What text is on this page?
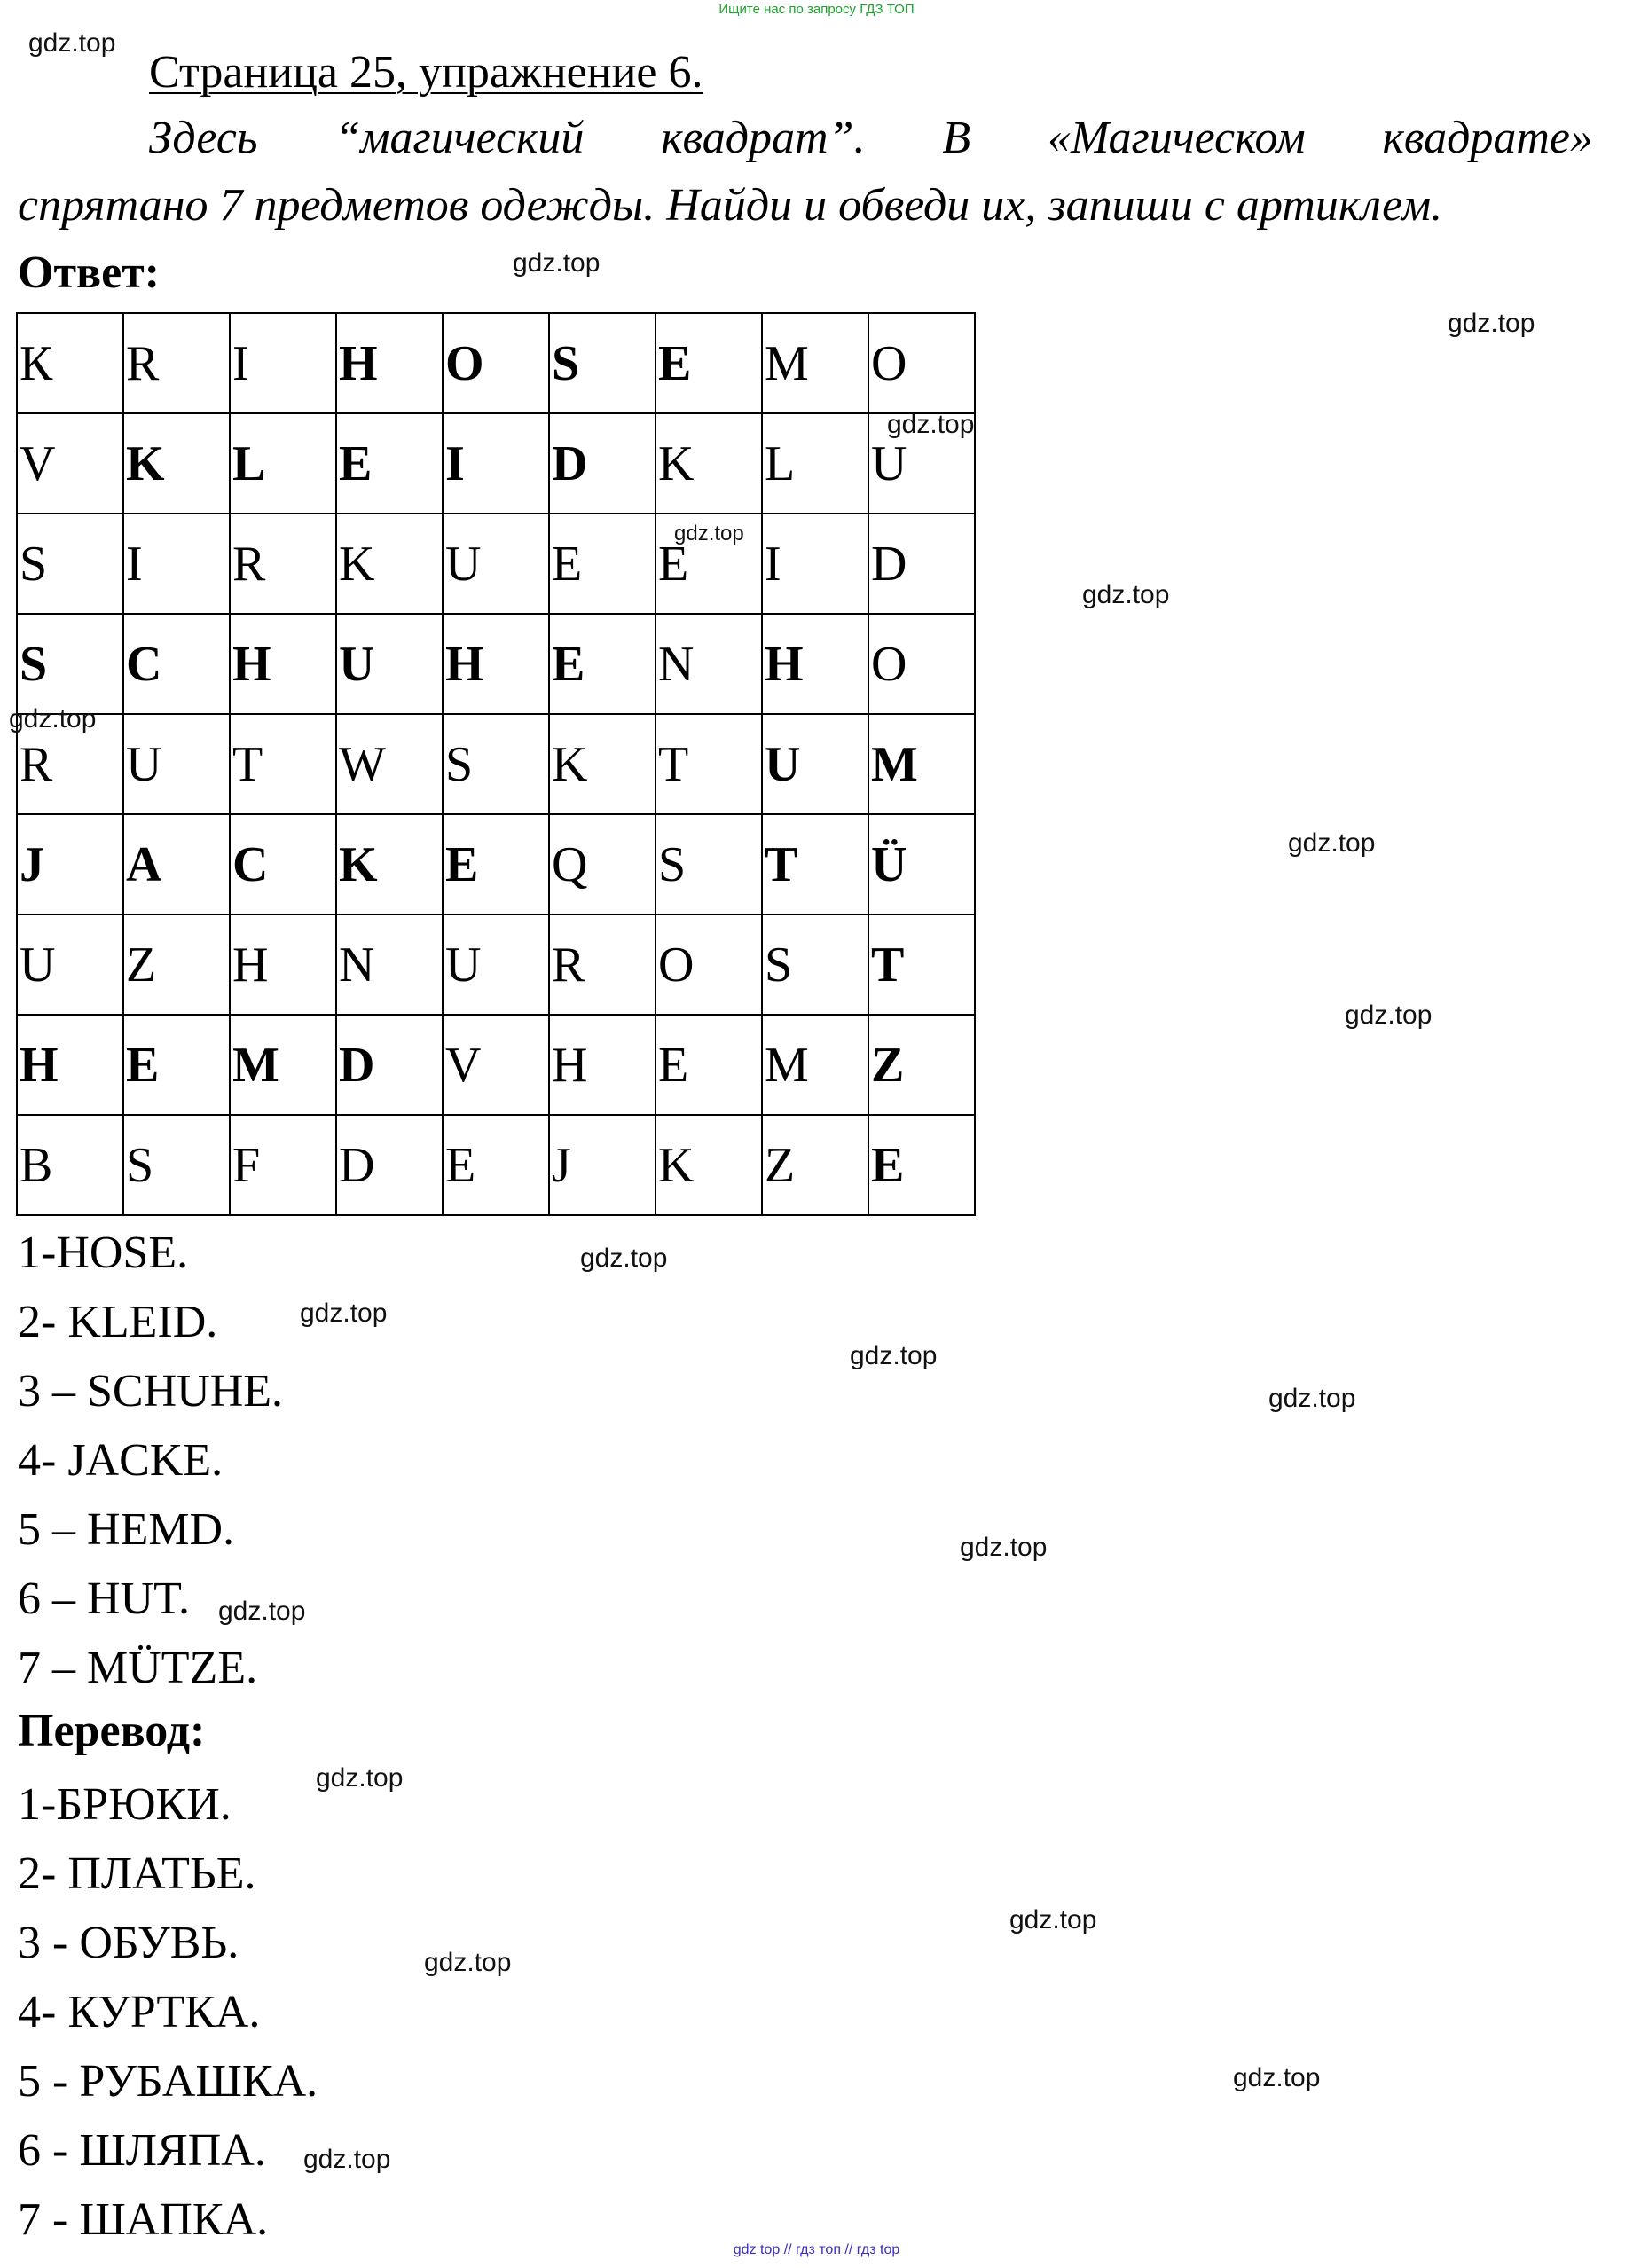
Ищите нас по запросу ГДЗ ТОП
Страница 25, упражнение 6.
Здесь “магический квадрат”. В «Магическом квадрате»
спрятано 7 предметов одежды. Найди и обведи их, запиши с артиклем.
Ответ:
К	R	I	H	O	S	E	M	O
V	K	L	E	I	D	K	L	U
S	I	R	K	U	E	E	I	D
S	C	H	U	H	E	N	H	O
R	U	T	W	S	K	T	U	M
J	A	C	K	E	Q	S	T	Ü
U	Z	H	N	U	R	O	S	T
H	E	M	D	V	H	E	M	Z
B	S	F	D	E	J	K	Z	E
1-HOSE.
2- KLEID.
3 – SCHUHE.
4- JACKE.
5 – HEMD.
6 – HUT.
7 – MÜTZE.
Перевод:
1-БРЮКИ.
2- ПЛАТЬЕ.
3 - ОБУВЬ.
4- КУРТКА.
5 - РУБАШКА.
6 - ШЛЯПА.
7 - ШАПКА.
gdz.top
gdz.top
gdz.top
gdz.top
gdz.top
gdz.top
gdz.top
gdz.top
gdz.top
gdz.top
gdz.top
gdz.top
gdz.top
gdz.top
gdz.top
gdz.top
gdz.top
gdz.top
gdz.top
gdz.top
gdz top // гдз топ // гдз top
